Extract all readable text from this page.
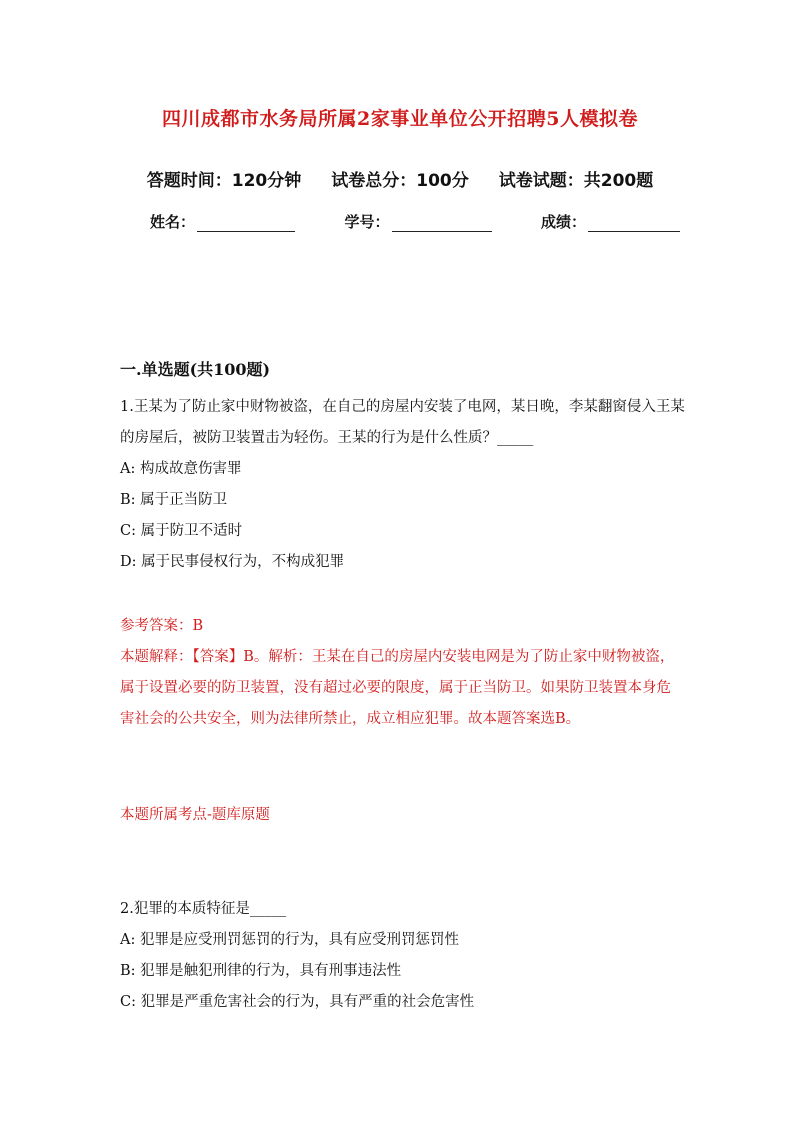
四川成都市水务局所属2家事业单位公开招聘5人模拟卷
答题时间：120分钟 试卷总分：100分 试卷试题：共200题
姓名：	学号：	成绩：
一.单选题(共100题)

1.王某为了防止家中财物被盗，在自己的房屋内安装了电网，某日晚，李某翻窗侵入王某的房屋后，被防卫装置击为轻伤。王某的行为是什么性质？_____

A: 构成故意伤害罪

B: 属于正当防卫

C: 属于防卫不适时

D: 属于民事侵权行为，不构成犯罪

参考答案：B

本题解释：【答案】B。解析：王某在自己的房屋内安装电网是为了防止家中财物被盗，属于设置必要的防卫装置，没有超过必要的限度，属于正当防卫。如果防卫装置本身危害社会的公共安全，则为法律所禁止，成立相应犯罪。故本题答案选B。

本题所属考点-题库原题

2.犯罪的本质特征是_____

A: 犯罪是应受刑罚惩罚的行为，具有应受刑罚惩罚性

B: 犯罪是触犯刑律的行为，具有刑事违法性

C: 犯罪是严重危害社会的行为，具有严重的社会危害性
